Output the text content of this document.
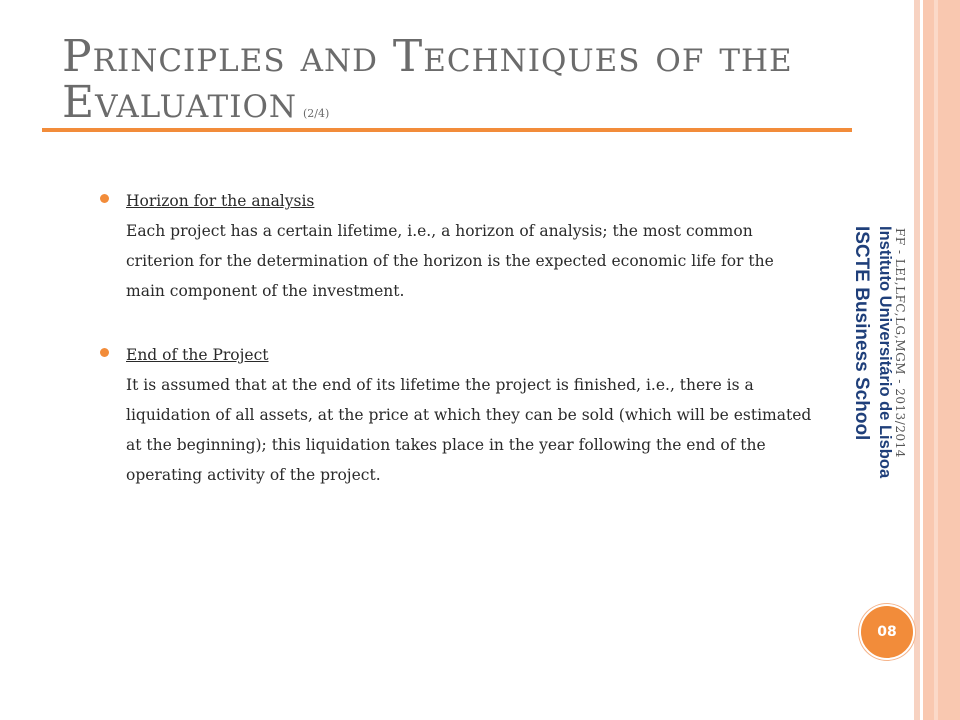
Principles and Techniques of the
Evaluation (2/4)
Horizon for the analysis
Each project has a certain lifetime, i.e., a horizon of analysis; the most common criterion for the determination of the horizon is the expected economic life for the main component of the investment.
End of the Project
It is assumed that at the end of its lifetime the project is finished, i.e., there is a liquidation of all assets, at the price at which they can be sold (which will be estimated at the beginning); this liquidation takes place in the year following the end of the operating activity of the project.
ISCTE Business School Instituto Universitário de Lisboa FF - LEI,LFC,LG,MGM - 2013/2014
08
